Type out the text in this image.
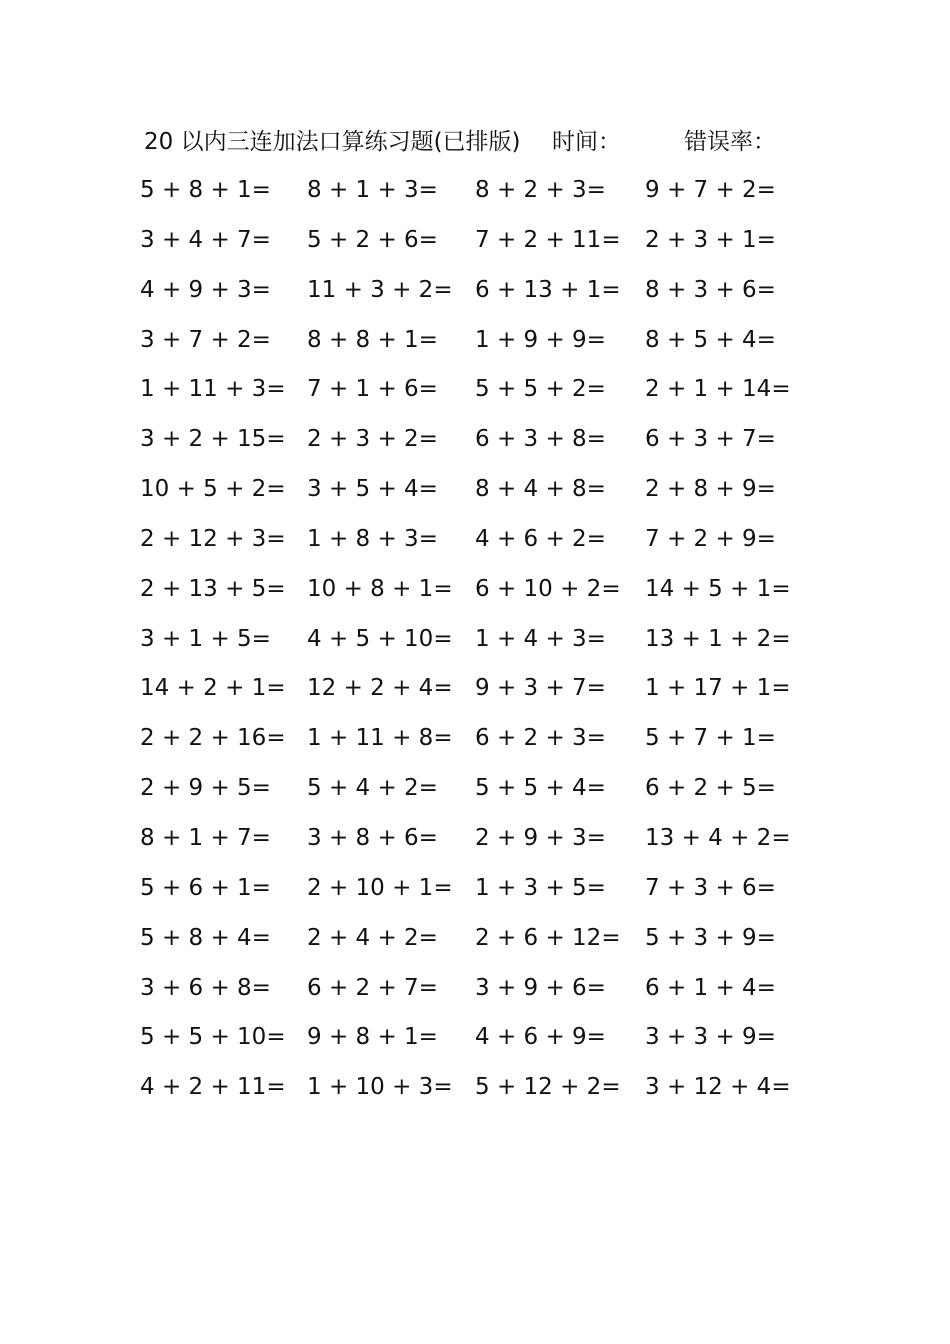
20 以内三连加法口算练习题(已排版) 时间：	错误率：
5 + 8 + 1= 8 + 1 + 3= 8 + 2 + 3= 9 + 7 + 2=
3 + 4 + 7= 5 + 2 + 6= 7 + 2 + 11= 2 + 3 + 1=
4 + 9 + 3= 11 + 3 + 2= 6 + 13 + 1= 8 + 3 + 6=
3 + 7 + 2= 8 + 8 + 1= 1 + 9 + 9= 8 + 5 + 4=
1 + 11 + 3= 7 + 1 + 6= 5 + 5 + 2= 2 + 1 + 14=
3 + 2 + 15= 2 + 3 + 2= 6 + 3 + 8= 6 + 3 + 7=
10 + 5 + 2= 3 + 5 + 4= 8 + 4 + 8= 2 + 8 + 9=
2 + 12 + 3= 1 + 8 + 3= 4 + 6 + 2= 7 + 2 + 9=
2 + 13 + 5= 10 + 8 + 1= 6 + 10 + 2= 14 + 5 + 1=
3 + 1 + 5= 4 + 5 + 10= 1 + 4 + 3= 13 + 1 + 2=
14 + 2 + 1= 12 + 2 + 4= 9 + 3 + 7= 1 + 17 + 1=
2 + 2 + 16= 1 + 11 + 8= 6 + 2 + 3= 5 + 7 + 1=
2 + 9 + 5= 5 + 4 + 2= 5 + 5 + 4= 6 + 2 + 5=
8 + 1 + 7= 3 + 8 + 6= 2 + 9 + 3= 13 + 4 + 2=
5 + 6 + 1= 2 + 10 + 1= 1 + 3 + 5= 7 + 3 + 6=
5 + 8 + 4= 2 + 4 + 2= 2 + 6 + 12= 5 + 3 + 9=
3 + 6 + 8= 6 + 2 + 7= 3 + 9 + 6= 6 + 1 + 4=
5 + 5 + 10= 9 + 8 + 1= 4 + 6 + 9= 3 + 3 + 9=
4 + 2 + 11= 1 + 10 + 3= 5 + 12 + 2= 3 + 12 + 4=
